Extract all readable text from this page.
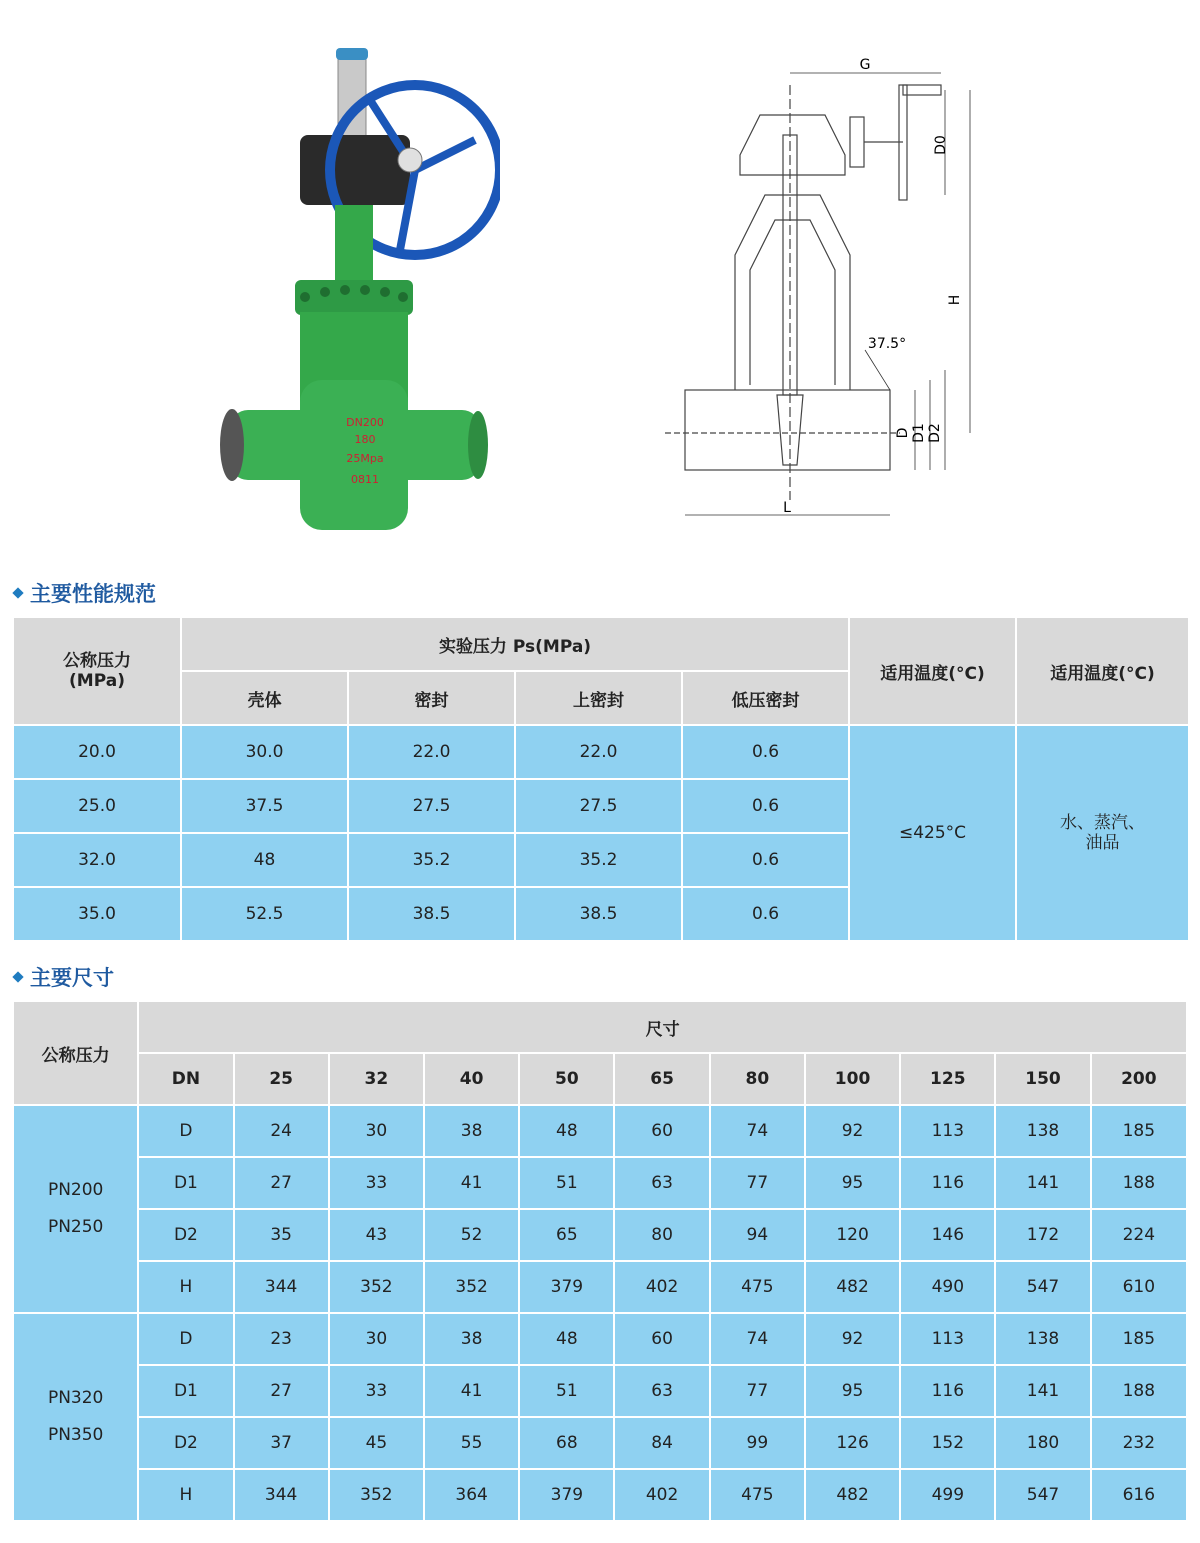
DN200
180
25Mpa
0811
G
D0
H
37.5°
D D1 D2
L
主要性能规范
公称压力
(MPa)	实验压力 Ps(MPa)				适用温度(°C)	适用温度(°C)
	壳体	密封	上密封	低压密封		
20.0	30.0	22.0	22.0	0.6	≤425°C	水、蒸汽、
油品

25.0	37.5	27.5	27.5	0.6		
32.0	48	35.2	35.2	0.6		
35.0	52.5	38.5	38.5	0.6		
主要尺寸
公称压力	尺寸										
	DN	25	32	40	50	65	80	100	125	150	200

PN200
PN250	D	24	30	38	48	60	74	92	113	138	185
	D1	27	33	41	51	63	77	95	116	141	188
	D2	35	43	52	65	80	94	120	146	172	224
	H	344	352	352	379	402	475	482	490	547	610

PN320
PN350	D	23	30	38	48	60	74	92	113	138	185
	D1	27	33	41	51	63	77	95	116	141	188
	D2	37	45	55	68	84	99	126	152	180	232
	H	344	352	364	379	402	475	482	499	547	616
